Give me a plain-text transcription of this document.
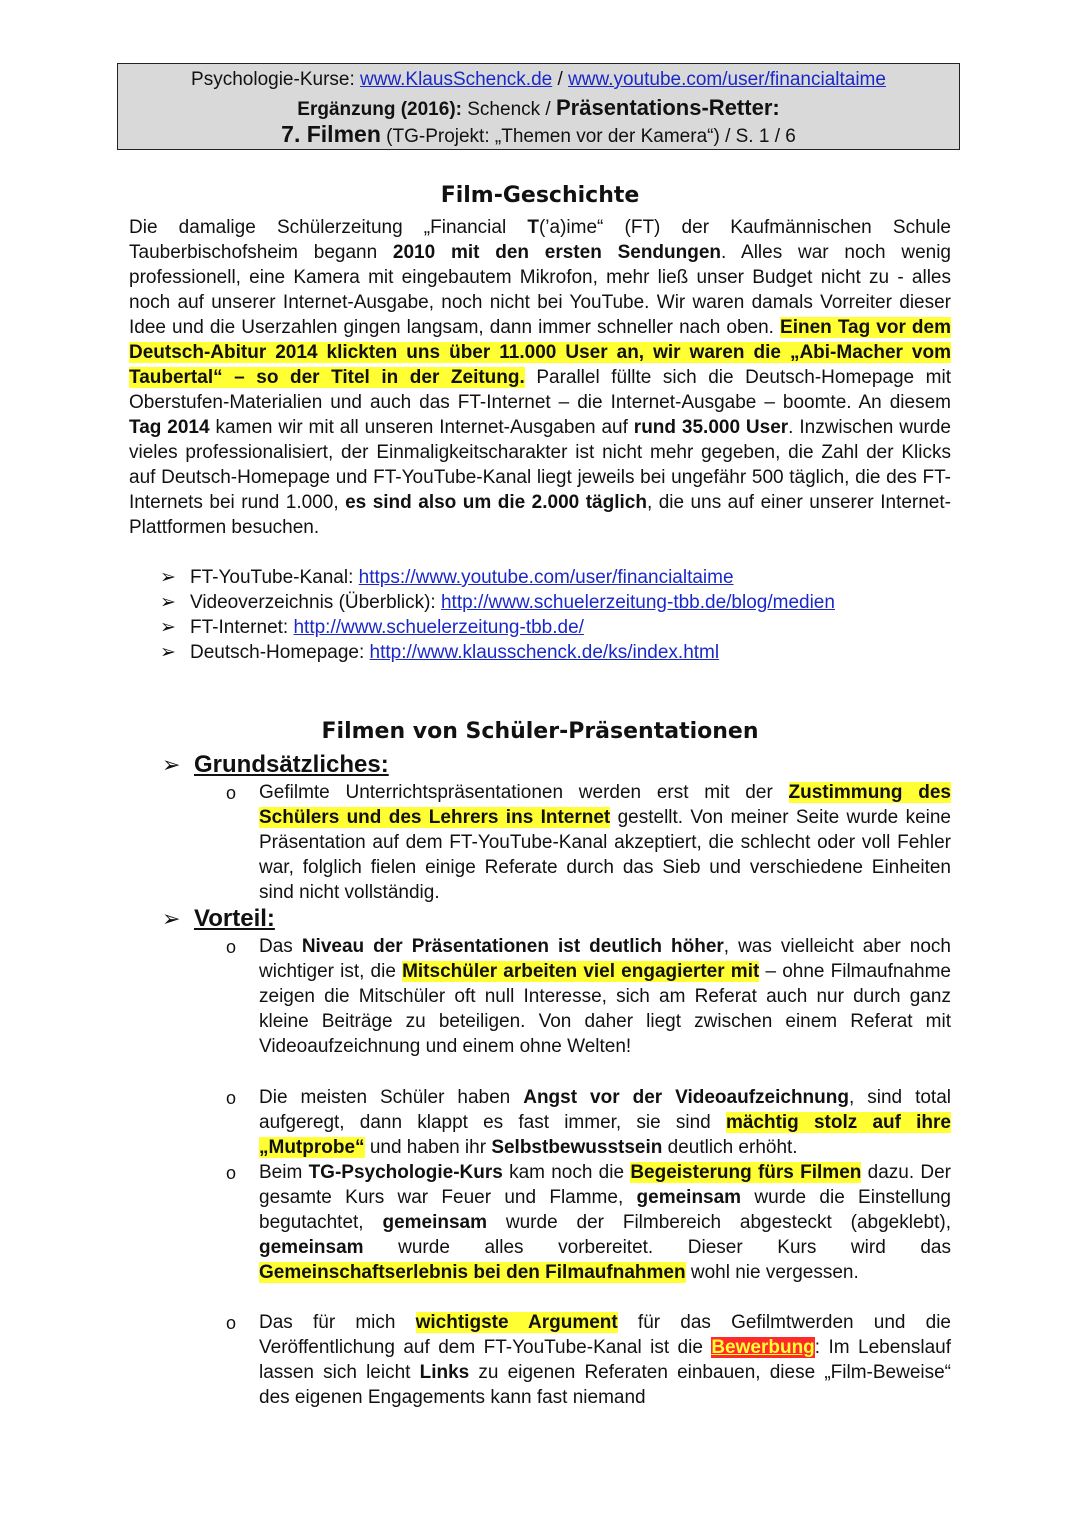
Psychologie-Kurse: www.KlausSchenck.de / www.youtube.com/user/financialtaime
Ergänzung (2016): Schenck / Präsentations-Retter:
7. Filmen (TG-Projekt: „Themen vor der Kamera“) / S. 1 / 6
Film-Geschichte

Die damalige Schülerzeitung „Financial T(’a)ime“ (FT) der Kaufmännischen Schule Tauberbischofsheim begann 2010 mit den ersten Sendungen. Alles war noch wenig professionell, eine Kamera mit eingebautem Mikrofon, mehr ließ unser Budget nicht zu - alles noch auf unserer Internet-Ausgabe, noch nicht bei YouTube. Wir waren damals Vorreiter dieser Idee und die Userzahlen gingen langsam, dann immer schneller nach oben. Einen Tag vor dem Deutsch-Abitur 2014 klickten uns über 11.000 User an, wir waren die „Abi-Macher vom Taubertal“ – so der Titel in der Zeitung. Parallel füllte sich die Deutsch-Homepage mit Oberstufen-Materialien und auch das FT-Internet – die Internet-Ausgabe – boomte. An diesem Tag 2014 kamen wir mit all unseren Internet-Ausgaben auf rund 35.000 User. Inzwischen wurde vieles professionalisiert, der Einmaligkeitscharakter ist nicht mehr gegeben, die Zahl der Klicks auf Deutsch-Homepage und FT-YouTube-Kanal liegt jeweils bei ungefähr 500 täglich, die des FT-Internets bei rund 1.000, es sind also um die 2.000 täglich, die uns auf einer unserer Internet-Plattformen besuchen.

➢ FT-YouTube-Kanal: https://www.youtube.com/user/financialtaime
➢ Videoverzeichnis (Überblick): http://www.schuelerzeitung-tbb.de/blog/medien
➢ FT-Internet: http://www.schuelerzeitung-tbb.de/
➢ Deutsch-Homepage: http://www.klausschenck.de/ks/index.html
Filmen von Schüler-Präsentationen
➢ Grundsätzliches:
o Gefilmte Unterrichtspräsentationen werden erst mit der Zustimmung des Schülers und des Lehrers ins Internet gestellt. Von meiner Seite wurde keine Präsentation auf dem FT-YouTube-Kanal akzeptiert, die schlecht oder voll Fehler war, folglich fielen einige Referate durch das Sieb und verschiedene Einheiten sind nicht vollständig.
➢ Vorteil:
o Das Niveau der Präsentationen ist deutlich höher, was vielleicht aber noch wichtiger ist, die Mitschüler arbeiten viel engagierter mit – ohne Filmaufnahme zeigen die Mitschüler oft null Interesse, sich am Referat auch nur durch ganz kleine Beiträge zu beteiligen. Von daher liegt zwischen einem Referat mit Videoaufzeichnung und einem ohne Welten!
o Die meisten Schüler haben Angst vor der Videoaufzeichnung, sind total aufgeregt, dann klappt es fast immer, sie sind mächtig stolz auf ihre „Mutprobe“ und haben ihr Selbstbewusstsein deutlich erhöht.
o Beim TG-Psychologie-Kurs kam noch die Begeisterung fürs Filmen dazu. Der gesamte Kurs war Feuer und Flamme, gemeinsam wurde die Einstellung begutachtet, gemeinsam wurde der Filmbereich abgesteckt (abgeklebt), gemeinsam wurde alles vorbereitet. Dieser Kurs wird das Gemeinschaftserlebnis bei den Filmaufnahmen wohl nie vergessen.
o Das für mich wichtigste Argument für das Gefilmtwerden und die Veröffentlichung auf dem FT-YouTube-Kanal ist die Bewerbung: Im Lebenslauf lassen sich leicht Links zu eigenen Referaten einbauen, diese „Film-Beweise“ des eigenen Engagements kann fast niemand
